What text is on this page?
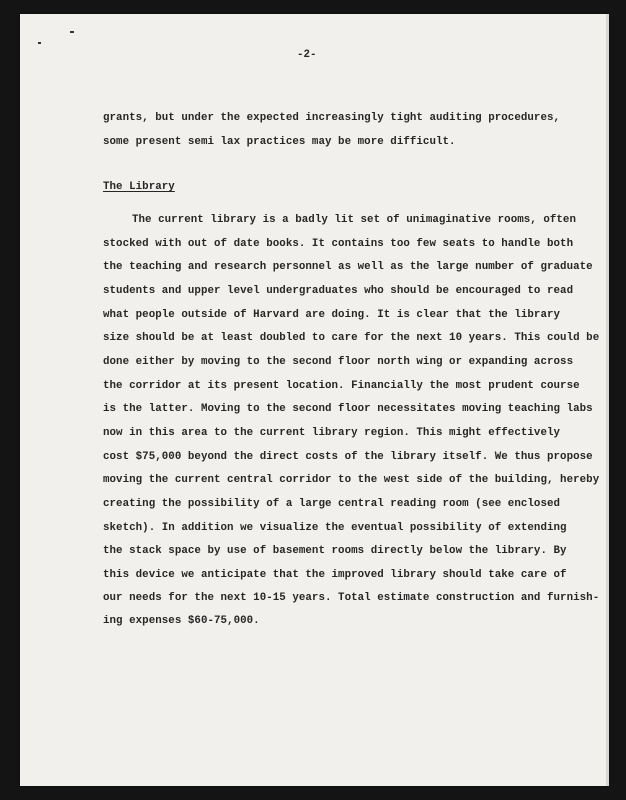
-2-
grants, but under the expected increasingly tight auditing procedures,
some present semi lax practices may be more difficult.
The Library
The current library is a badly lit set of unimaginative rooms, often
stocked with out of date books. It contains too few seats to handle both
the teaching and research personnel as well as the large number of graduate
students and upper level undergraduates who should be encouraged to read
what people outside of Harvard are doing. It is clear that the library
size should be at least doubled to care for the next 10 years. This could be
done either by moving to the second floor north wing or expanding across
the corridor at its present location. Financially the most prudent course
is the latter. Moving to the second floor necessitates moving teaching labs
now in this area to the current library region. This might effectively
cost $75,000 beyond the direct costs of the library itself. We thus propose
moving the current central corridor to the west side of the building, hereby
creating the possibility of a large central reading room (see enclosed
sketch). In addition we visualize the eventual possibility of extending
the stack space by use of basement rooms directly below the library. By
this device we anticipate that the improved library should take care of
our needs for the next 10-15 years. Total estimate construction and furnish-
ing expenses $60-75,000.
